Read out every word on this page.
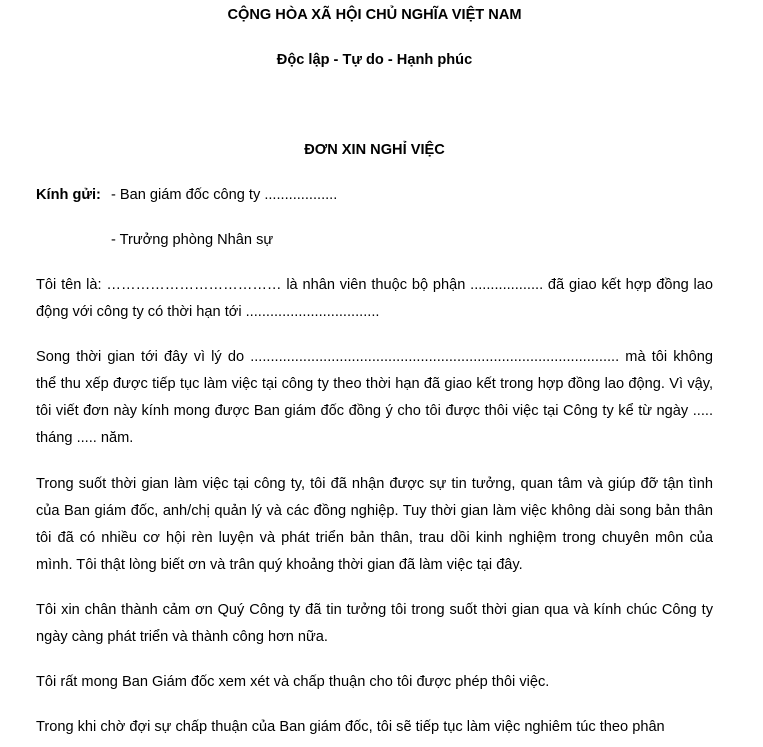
CỘNG HÒA XÃ HỘI CHỦ NGHĨA VIỆT NAM

Độc lập - Tự do - Hạnh phúc

ĐƠN XIN NGHỈ VIỆC

Kính gửi: - Ban giám đốc công ty ..................
- Trưởng phòng Nhân sự

Tôi tên là: ……………………………… là nhân viên thuộc bộ phận .................. đã giao kết hợp đồng lao động với công ty có thời hạn tới .................................

Song thời gian tới đây vì lý do ........................................................................................... mà tôi không thể thu xếp được tiếp tục làm việc tại công ty theo thời hạn đã giao kết trong hợp đồng lao động. Vì vậy, tôi viết đơn này kính mong được Ban giám đốc đồng ý cho tôi được thôi việc tại Công ty kể từ ngày ..... tháng ..... năm.

Trong suốt thời gian làm việc tại công ty, tôi đã nhận được sự tin tưởng, quan tâm và giúp đỡ tận tình của Ban giám đốc, anh/chị quản lý và các đồng nghiệp. Tuy thời gian làm việc không dài song bản thân tôi đã có nhiều cơ hội rèn luyện và phát triển bản thân, trau dồi kinh nghiệm trong chuyên môn của mình. Tôi thật lòng biết ơn và trân quý khoảng thời gian đã làm việc tại đây.

Tôi xin chân thành cảm ơn Quý Công ty đã tin tưởng tôi trong suốt thời gian qua và kính chúc Công ty ngày càng phát triển và thành công hơn nữa.

Tôi rất mong Ban Giám đốc xem xét và chấp thuận cho tôi được phép thôi việc.

Trong khi chờ đợi sự chấp thuận của Ban giám đốc, tôi sẽ tiếp tục làm việc nghiêm túc theo phân
